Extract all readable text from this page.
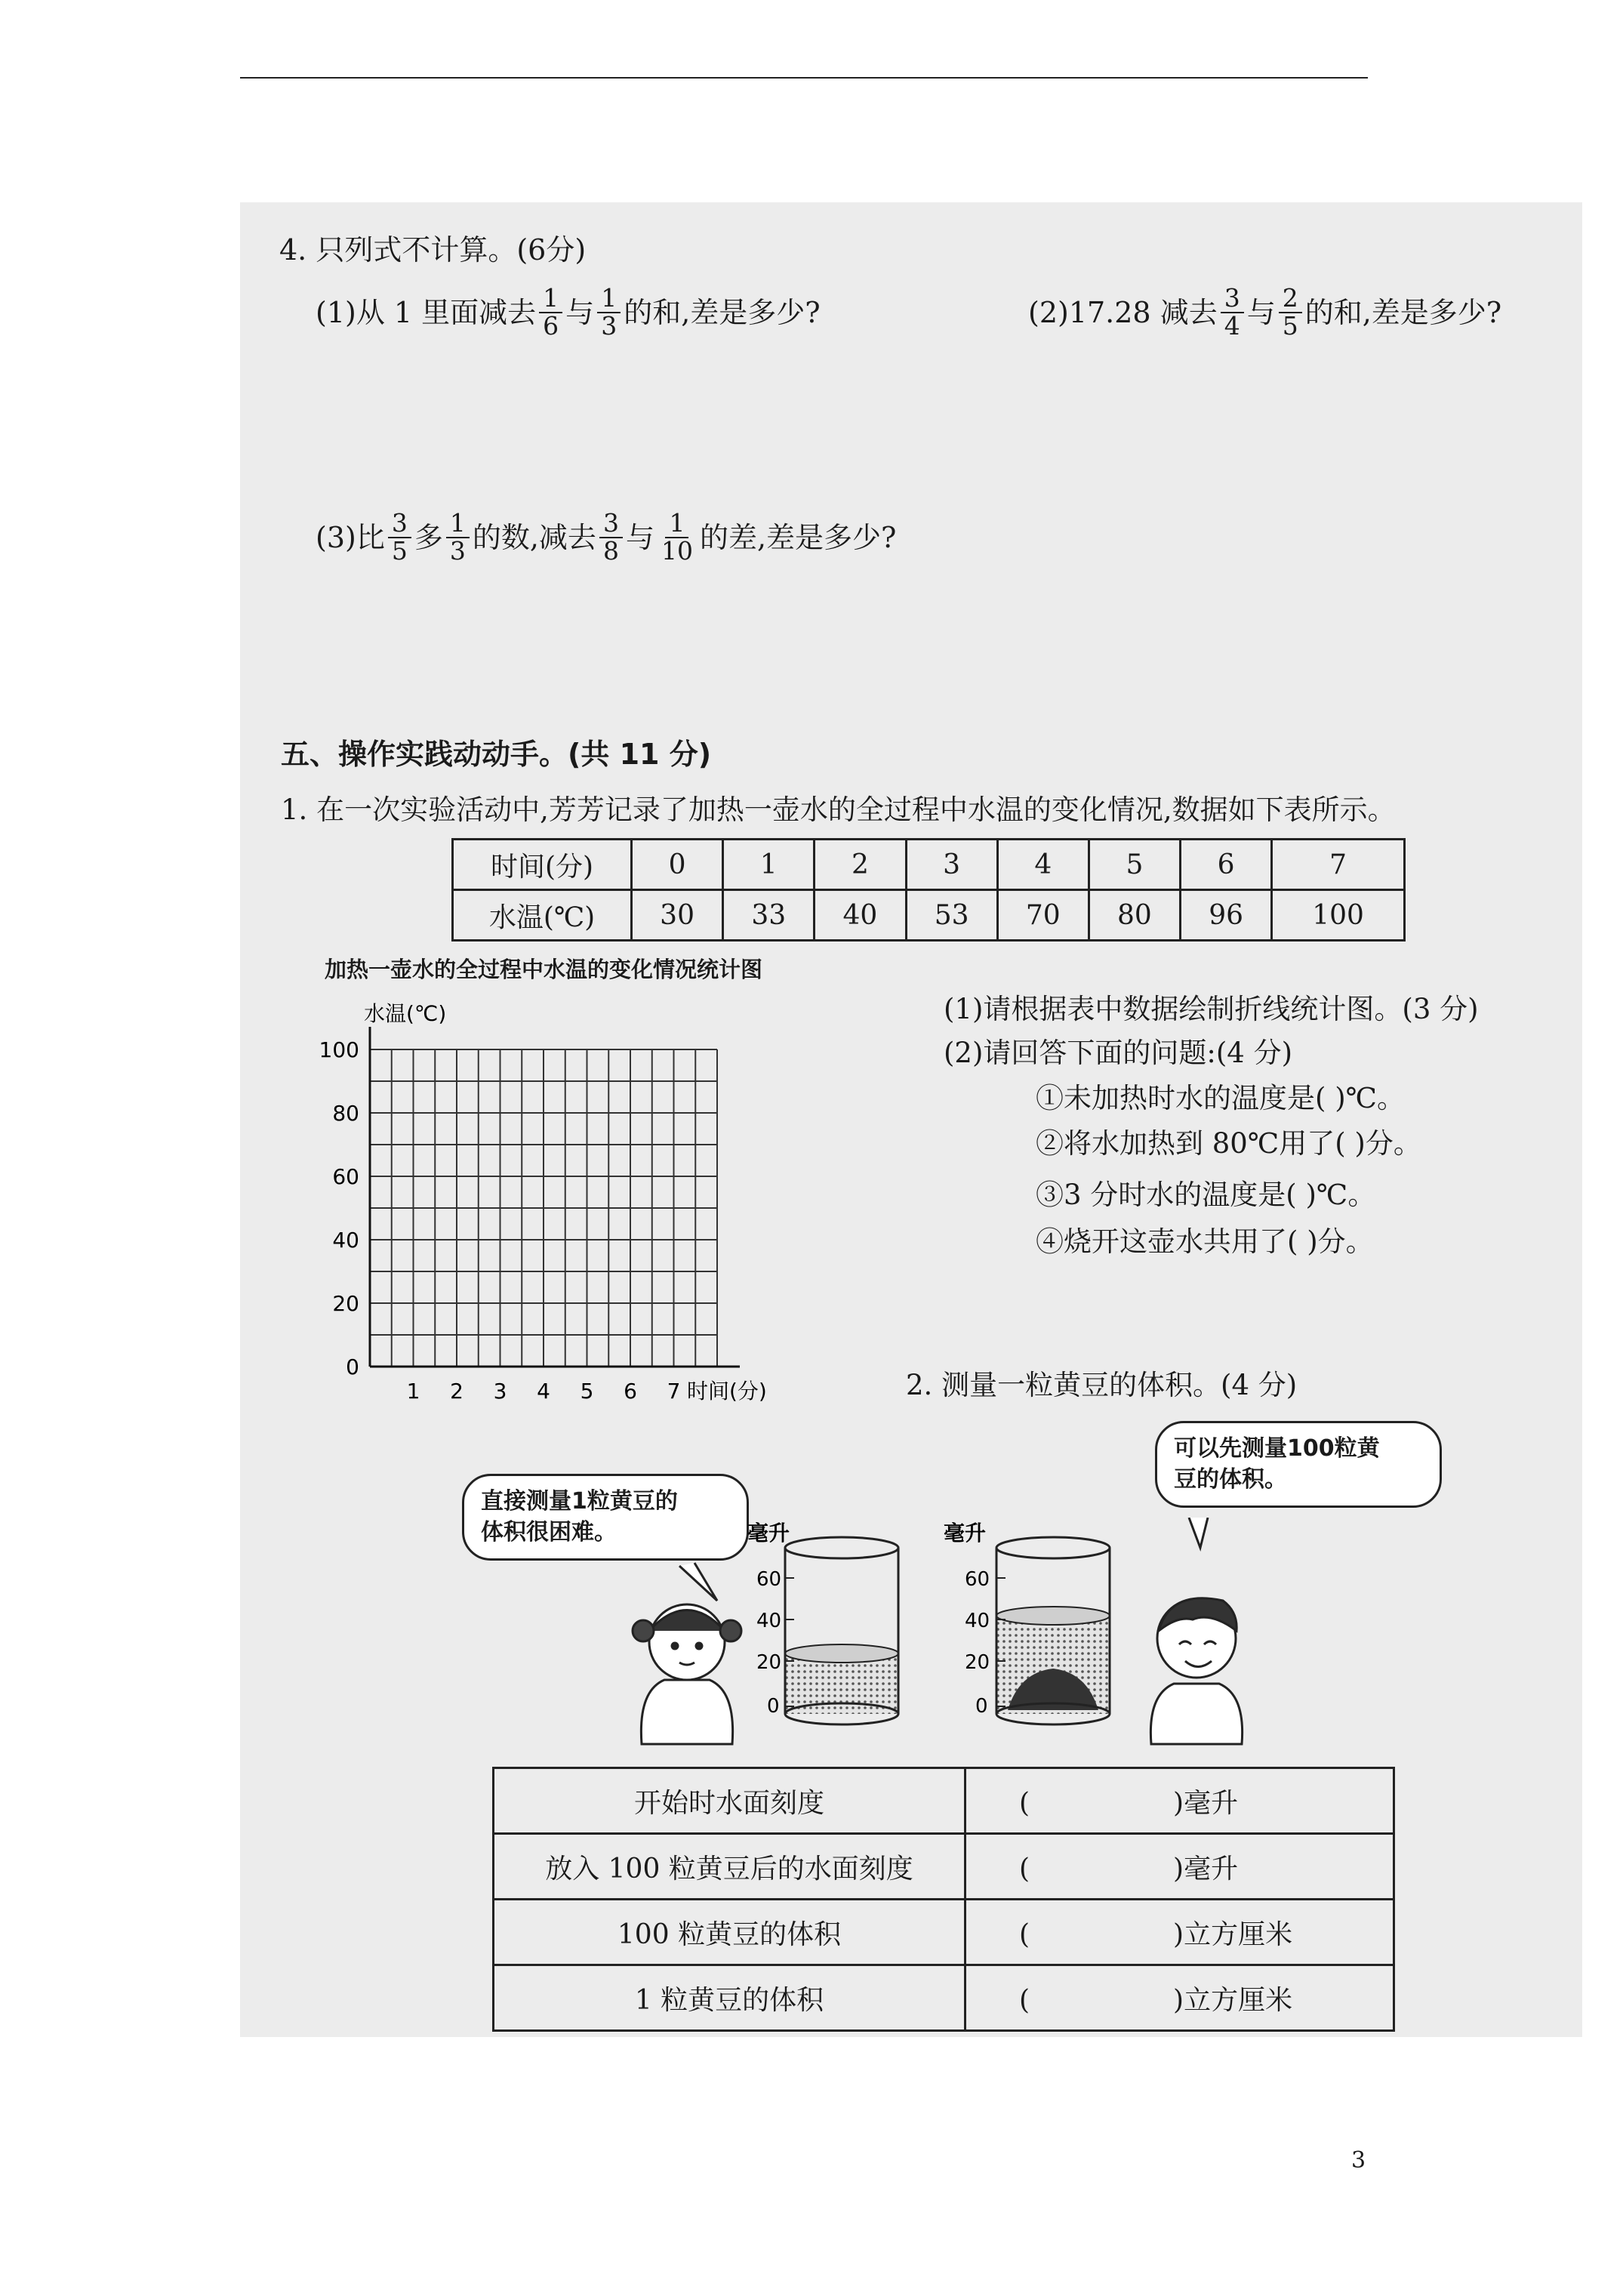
4. 只列式不计算。(6分)
(1)从 1 里面减去 $\frac{1}{6}$ 与 $\frac{1}{3}$ 的和,差是多少?	(2)17.28 减去 $\frac{3}{4}$ 与 $\frac{2}{5}$ 的和,差是多少?
(3)比 $\frac{3}{5}$ 多 $\frac{1}{3}$ 的数,减去 $\frac{3}{8}$ 与 $\frac{1}{10}$ 的差,差是多少?
五、操作实践动动手。(共 11 分)
1. 在一次实验活动中,芳芳记录了加热一壶水的全过程中水温的变化情况,数据如下表所示。
时间(分)	0	1	2	3	4	5	6	7
水温(℃)	30	33	40	53	70	80	96	100
加热一壶水的全过程中水温的变化情况统计图
0
20
40
60
80
100
1 2 3 4 5 6 7
水温(℃)
时间(分)
(1)请根据表中数据绘制折线统计图。(3 分)
(2)请回答下面的问题:(4 分)
①未加热时水的温度是( )℃。
②将水加热到 80℃用了( )分。
③3 分时水的温度是( )℃。
④烧开这壶水共用了( )分。
2. 测量一粒黄豆的体积。(4 分)
直接测量1粒黄豆的
体积很困难。
可以先测量100粒黄
豆的体积。
毫升
60
40
20
0
毫升
60
40
20
0
开始时水面刻度	( )毫升
放入 100 粒黄豆后的水面刻度	( )毫升
100 粒黄豆的体积	( )立方厘米
1 粒黄豆的体积	( )立方厘米
3
